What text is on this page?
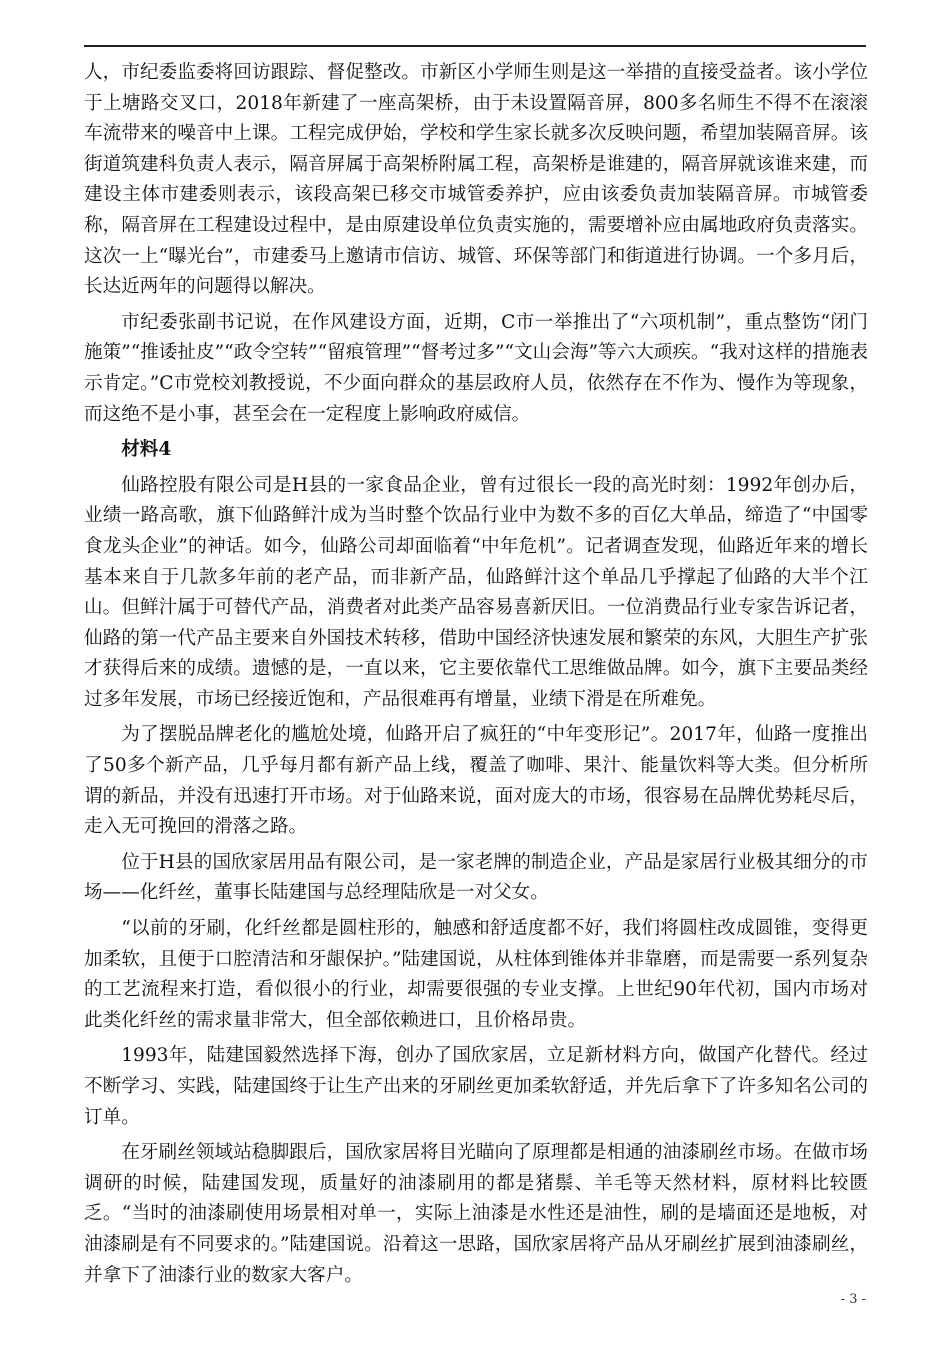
人，市纪委监委将回访跟踪、督促整改。市新区小学师生则是这一举措的直接受益者。该小学位于上塘路交叉口，2018年新建了一座高架桥，由于未设置隔音屏，800多名师生不得不在滚滚车流带来的噪音中上课。工程完成伊始，学校和学生家长就多次反映问题，希望加装隔音屏。该街道筑建科负责人表示，隔音屏属于高架桥附属工程，高架桥是谁建的，隔音屏就该谁来建，而建设主体市建委则表示，该段高架已移交市城管委养护，应由该委负责加装隔音屏。市城管委称，隔音屏在工程建设过程中，是由原建设单位负责实施的，需要增补应由属地政府负责落实。这次一上“曝光台”，市建委马上邀请市信访、城管、环保等部门和街道进行协调。一个多月后，长达近两年的问题得以解决。

市纪委张副书记说，在作风建设方面，近期，C市一举推出了“六项机制”，重点整饬“闭门施策”“推诿扯皮”“政令空转”“留痕管理”“督考过多”“文山会海”等六大顽疾。“我对这样的措施表示肯定。”C市党校刘教授说，不少面向群众的基层政府人员，依然存在不作为、慢作为等现象，而这绝不是小事，甚至会在一定程度上影响政府威信。

材料4

仙路控股有限公司是H县的一家食品企业，曾有过很长一段的高光时刻：1992年创办后，业绩一路高歌，旗下仙路鲜汁成为当时整个饮品行业中为数不多的百亿大单品，缔造了“中国零食龙头企业”的神话。如今，仙路公司却面临着“中年危机”。记者调查发现，仙路近年来的增长基本来自于几款多年前的老产品，而非新产品，仙路鲜汁这个单品几乎撑起了仙路的大半个江山。但鲜汁属于可替代产品，消费者对此类产品容易喜新厌旧。一位消费品行业专家告诉记者，仙路的第一代产品主要来自外国技术转移，借助中国经济快速发展和繁荣的东风，大胆生产扩张才获得后来的成绩。遗憾的是，一直以来，它主要依靠代工思维做品牌。如今，旗下主要品类经过多年发展，市场已经接近饱和，产品很难再有增量，业绩下滑是在所难免。

为了摆脱品牌老化的尴尬处境，仙路开启了疯狂的“中年变形记”。2017年，仙路一度推出了50多个新产品，几乎每月都有新产品上线，覆盖了咖啡、果汁、能量饮料等大类。但分析所谓的新品，并没有迅速打开市场。对于仙路来说，面对庞大的市场，很容易在品牌优势耗尽后，走入无可挽回的滑落之路。

位于H县的国欣家居用品有限公司，是一家老牌的制造企业，产品是家居行业极其细分的市场——化纤丝，董事长陆建国与总经理陆欣是一对父女。

“以前的牙刷，化纤丝都是圆柱形的，触感和舒适度都不好，我们将圆柱改成圆锥，变得更加柔软，且便于口腔清洁和牙龈保护。”陆建国说，从柱体到锥体并非靠磨，而是需要一系列复杂的工艺流程来打造，看似很小的行业，却需要很强的专业支撑。上世纪90年代初，国内市场对此类化纤丝的需求量非常大，但全部依赖进口，且价格昂贵。

1993年，陆建国毅然选择下海，创办了国欣家居，立足新材料方向，做国产化替代。经过不断学习、实践，陆建国终于让生产出来的牙刷丝更加柔软舒适，并先后拿下了许多知名公司的订单。

在牙刷丝领域站稳脚跟后，国欣家居将目光瞄向了原理都是相通的油漆刷丝市场。在做市场调研的时候，陆建国发现，质量好的油漆刷用的都是猪鬃、羊毛等天然材料，原材料比较匮乏。“当时的油漆刷使用场景相对单一，实际上油漆是水性还是油性，刷的是墙面还是地板，对油漆刷是有不同要求的。”陆建国说。沿着这一思路，国欣家居将产品从牙刷丝扩展到油漆刷丝，并拿下了油漆行业的数家大客户。

- 3 -
